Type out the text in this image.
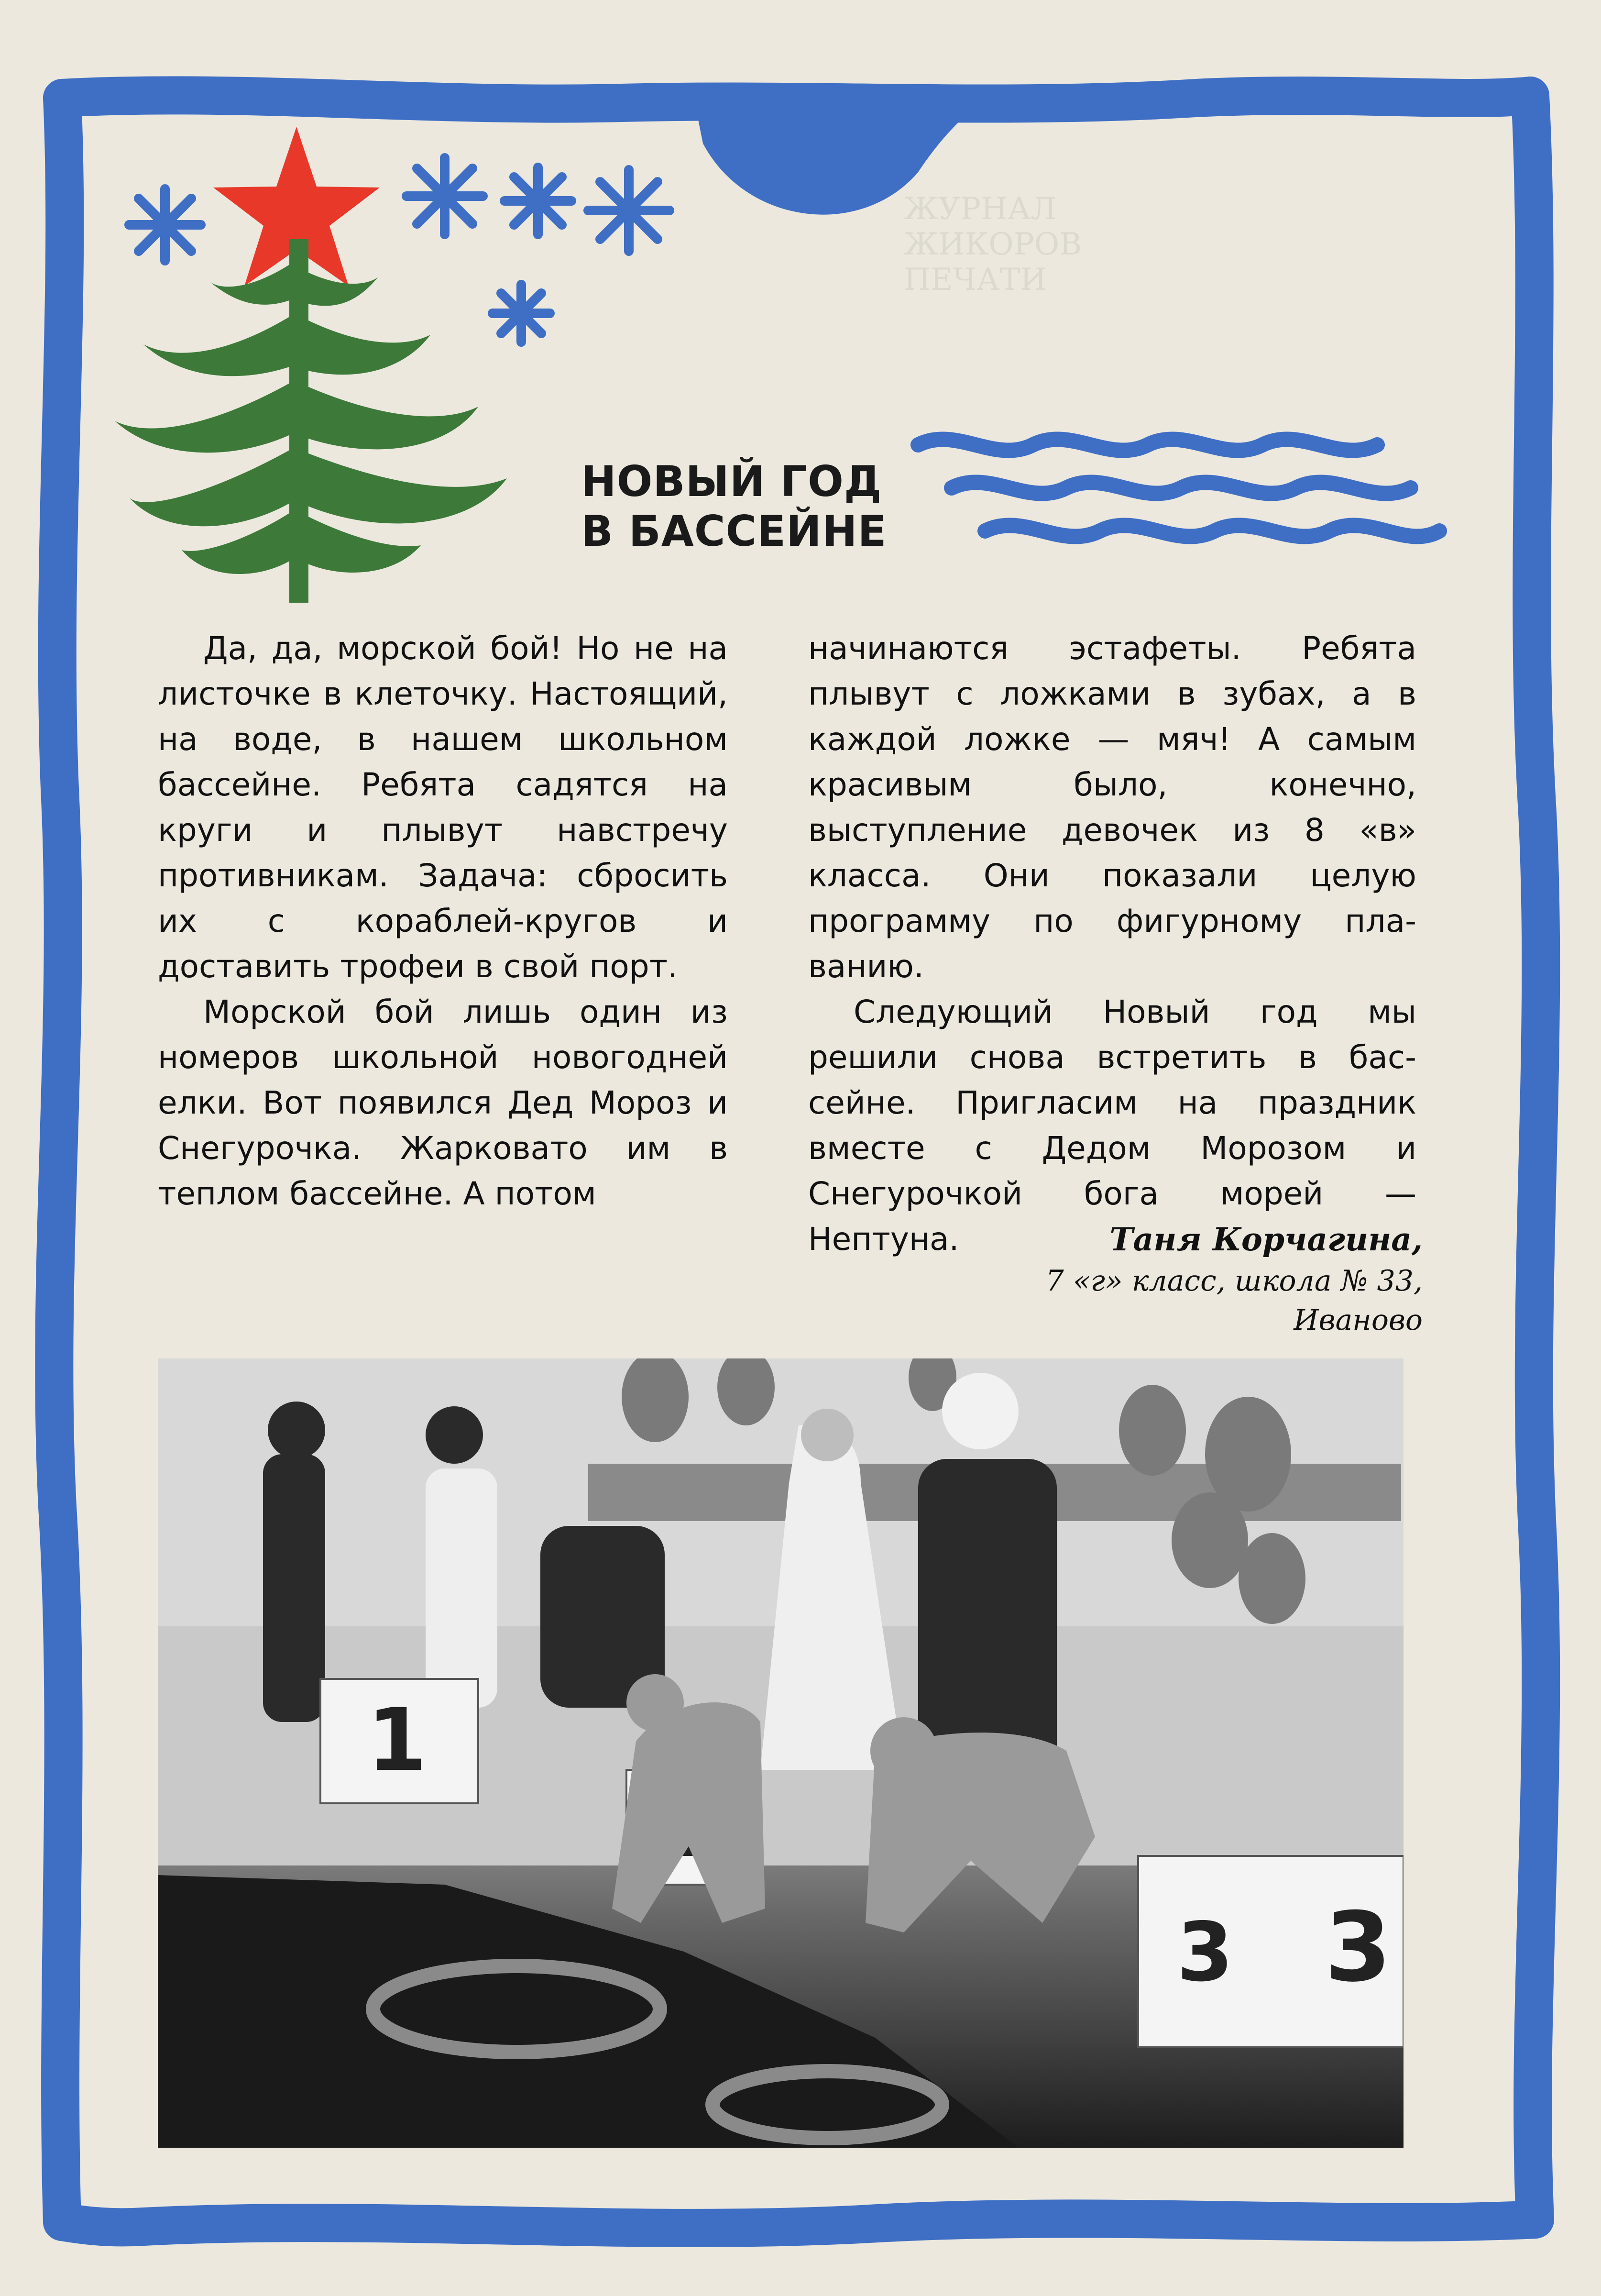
ЖУРНАЛ
ЖИКОРОВ
ПЕЧАТИ
НОВЫЙ ГОД
В БАССЕЙНЕ

Да, да, морской бой! Но не на листочке в клеточку. Настоящий, на воде, в нашем школьном бассейне. Ребята садятся на круги и плывут навстречу противникам. Задача: сбросить их с кораблей-кругов и доставить трофеи в свой порт.

Морской бой лишь один из номеров школьной новогодней елки. Вот появился Дед Мороз и Снегурочка. Жарковато им в теплом бассейне. А потом

начинаются эстафеты. Ребята плывут с ложками в зубах, а в каждой ложке — мяч! А самым красивым было, конечно, выступление девочек из 8 «в» класса. Они показали целую программу по фигурному плаванию.

Следующий Новый год мы решили снова встретить в бассейне. Пригласим на праздник вместе с Дедом Морозом и Снегурочкой бога морей — Нептуна.	Таня Корчагина,
7 «г» класс, школа № 33,
Иваново
1
3 3
